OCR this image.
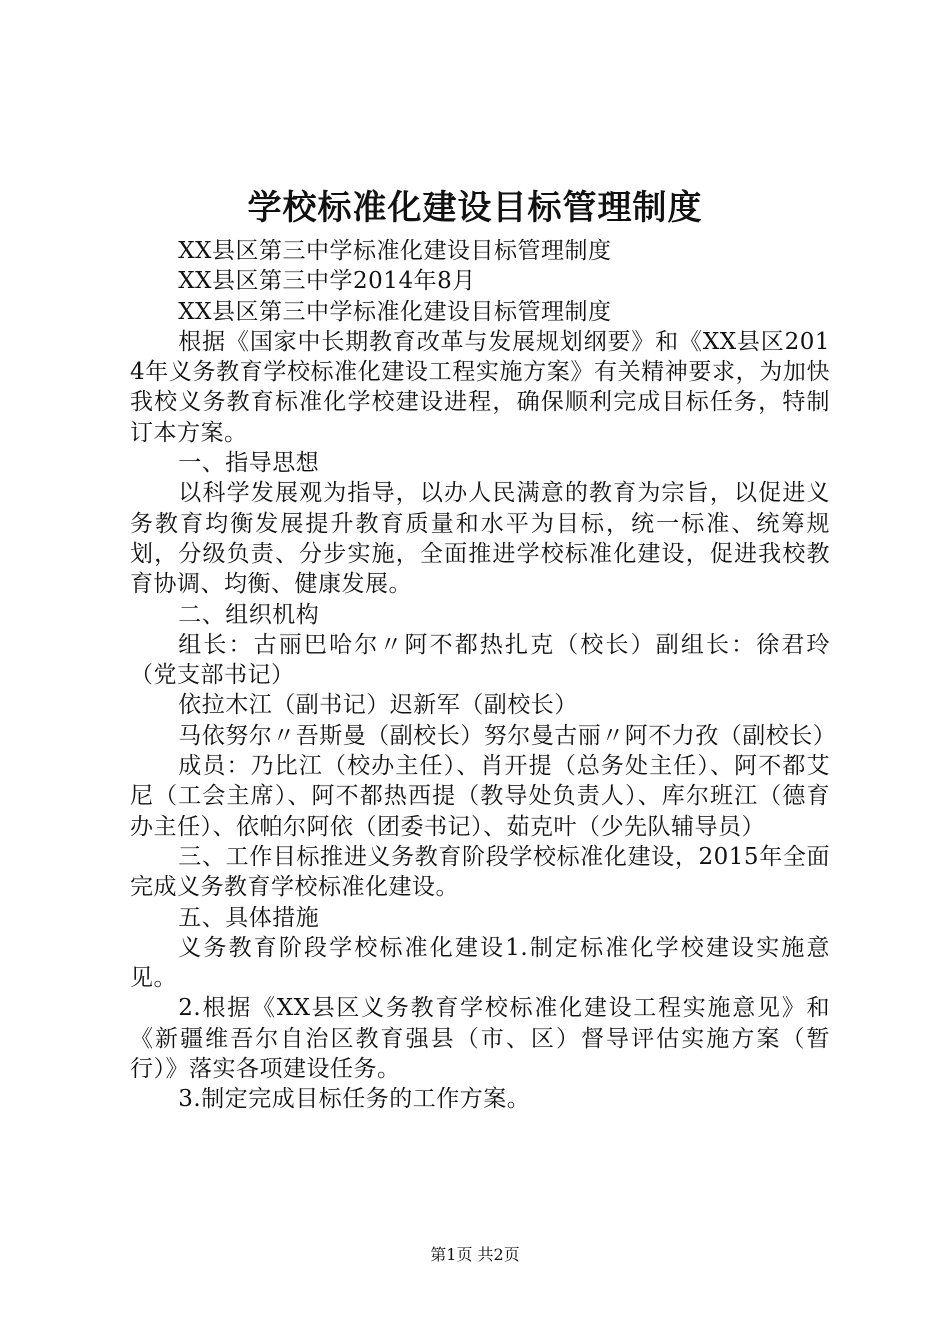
学校标准化建设目标管理制度

XX县区第三中学标准化建设目标管理制度

XX县区第三中学2014年8月

XX县区第三中学标准化建设目标管理制度

根据《国家中长期教育改革与发展规划纲要》和《XX县区2014年义务教育学校标准化建设工程实施方案》有关精神要求，为加快我校义务教育标准化学校建设进程，确保顺利完成目标任务，特制订本方案。

一、指导思想

以科学发展观为指导，以办人民满意的教育为宗旨，以促进义务教育均衡发展提升教育质量和水平为目标，统一标准、统筹规划，分级负责、分步实施，全面推进学校标准化建设，促进我校教育协调、均衡、健康发展。

二、组织机构

组长：古丽巴哈尔〃阿不都热扎克（校长）副组长：徐君玲（党支部书记）

依拉木江（副书记）迟新军（副校长）

马依努尔〃吾斯曼（副校长）努尔曼古丽〃阿不力孜（副校长）

成员：乃比江（校办主任）、肖开提（总务处主任）、阿不都艾尼（工会主席）、阿不都热西提（教导处负责人）、库尔班江（德育办主任）、依帕尔阿依（团委书记）、茹克叶（少先队辅导员）

三、工作目标推进义务教育阶段学校标准化建设，2015年全面完成义务教育学校标准化建设。

五、具体措施

义务教育阶段学校标准化建设1.制定标准化学校建设实施意见。

2.根据《XX县区义务教育学校标准化建设工程实施意见》和《新疆维吾尔自治区教育强县（市、区）督导评估实施方案（暂行）》落实各项建设任务。

3.制定完成目标任务的工作方案。

第1页 共2页
